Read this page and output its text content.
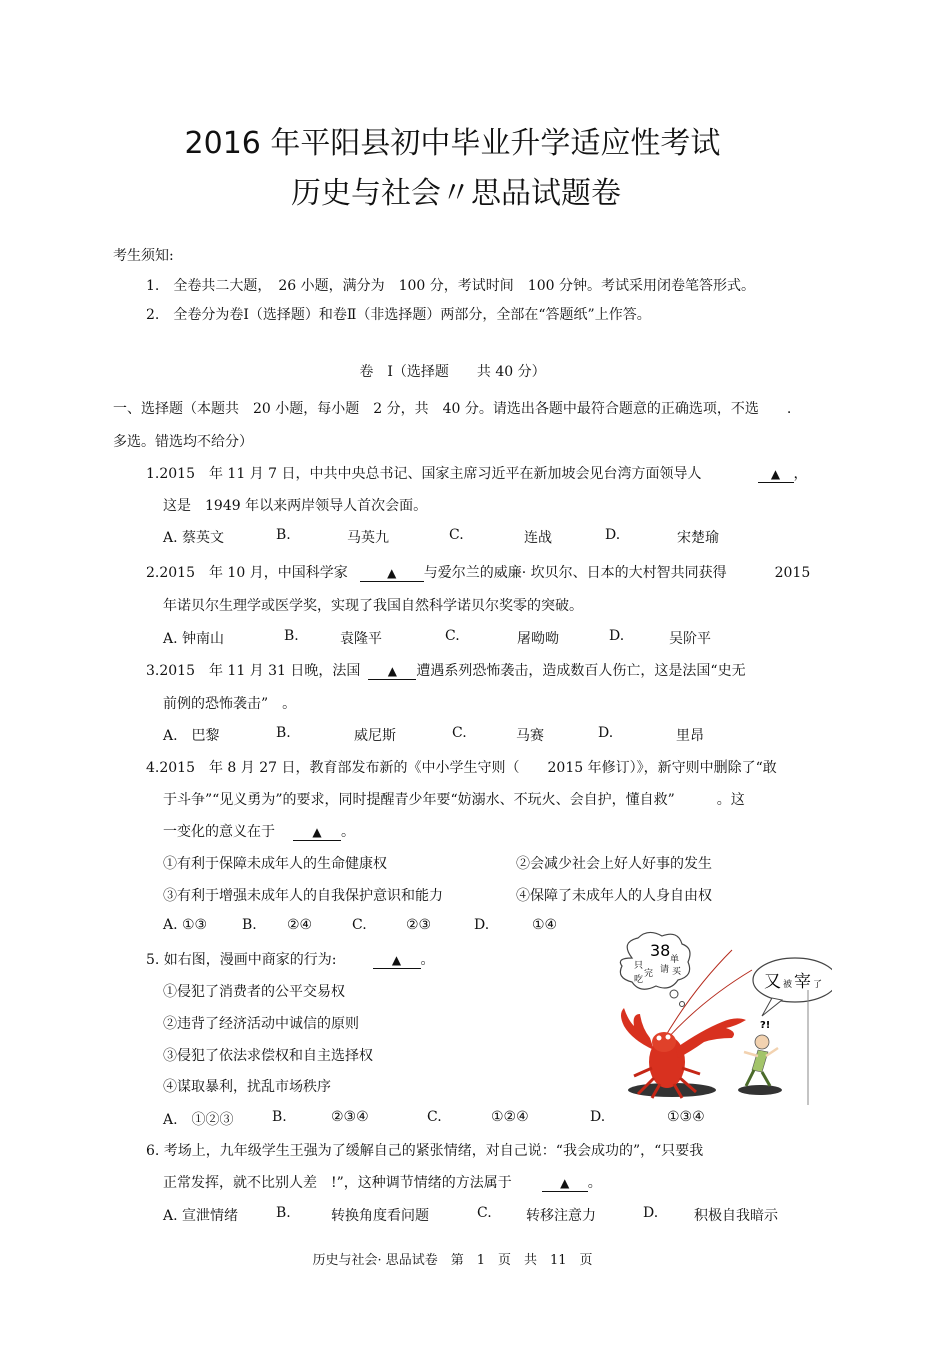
2016 年平阳县初中毕业升学适应性考试
历史与社会〃思品试题卷
考生须知:
1.　全卷共二大题，　26 小题，满分为　100 分，考试时间　100 分钟。考试采用闭卷笔答形式。
2.　全卷分为卷Ⅰ（选择题）和卷Ⅱ（非选择题）两部分，全部在“答题纸”上作答。
卷　Ⅰ（选择题　　共 40 分）
一、选择题（本题共　20 小题，每小题　2 分，共　40 分。请选出各题中最符合题意的正确选项，不选　　.
多选。错选均不给分）
1.2015　年 11 月 7 日，中共中央总书记、国家主席习近平在新加坡会见台湾方面领导人	▲ ，
这是　1949 年以来两岸领导人首次会面。
A. 蔡英文	B.	马英九	C.	连战	D.	宋楚瑜
2.2015　年 10 月，中国科学家	▲ 与爱尔兰的威廉· 坎贝尔、日本的大村智共同获得	2015
年诺贝尔生理学或医学奖，实现了我国自然科学诺贝尔奖零的突破。
A. 钟南山	B.	袁隆平	C.	屠呦呦	D.	吴阶平
3.2015　年 11 月 31 日晚，法国 ▲ 遭遇系列恐怖袭击，造成数百人伤亡，这是法国“史无
前例的恐怖袭击”　。
A.　巴黎	B.	威尼斯	C.	马赛	D.	里昂
4.2015　年 8 月 27 日，教育部发布新的《中小学生守则（　　2015 年修订）》，新守则中删除了“敢
于斗争”“见义勇为”的要求，同时提醒青少年要“妨溺水、不玩火、会自护，懂自救”　　　。这
一变化的意义在于	▲ 。
①有利于保障未成年人的生命健康权	②会减少社会上好人好事的发生
③有利于增强未成年人的自我保护意识和能力	④保障了未成年人的人身自由权
A. ①③ B. ②④	C.	②③	D.	①④
5. 如右图，漫画中商家的行为:	▲ 。
①侵犯了消费者的公平交易权
②违背了经济活动中诚信的原则
③侵犯了依法求偿权和自主选择权
④谋取暴利，扰乱市场秩序
A.　①②③	B.	②③④	C.	①②④	D.	①③④
38
只
单
吃
请
完 买	又 被 宰 了
?!
6. 考场上，九年级学生王强为了缓解自己的紧张情绪，对自己说：“我会成功的”，“只要我
正常发挥，就不比别人差　!”，这种调节情绪的方法属于	▲ 。
A. 宣泄情绪	B.	转换角度看问题	C. 转移注意力	D.	积极自我暗示
历史与社会· 思品试卷　第　1　页　共　11　页
